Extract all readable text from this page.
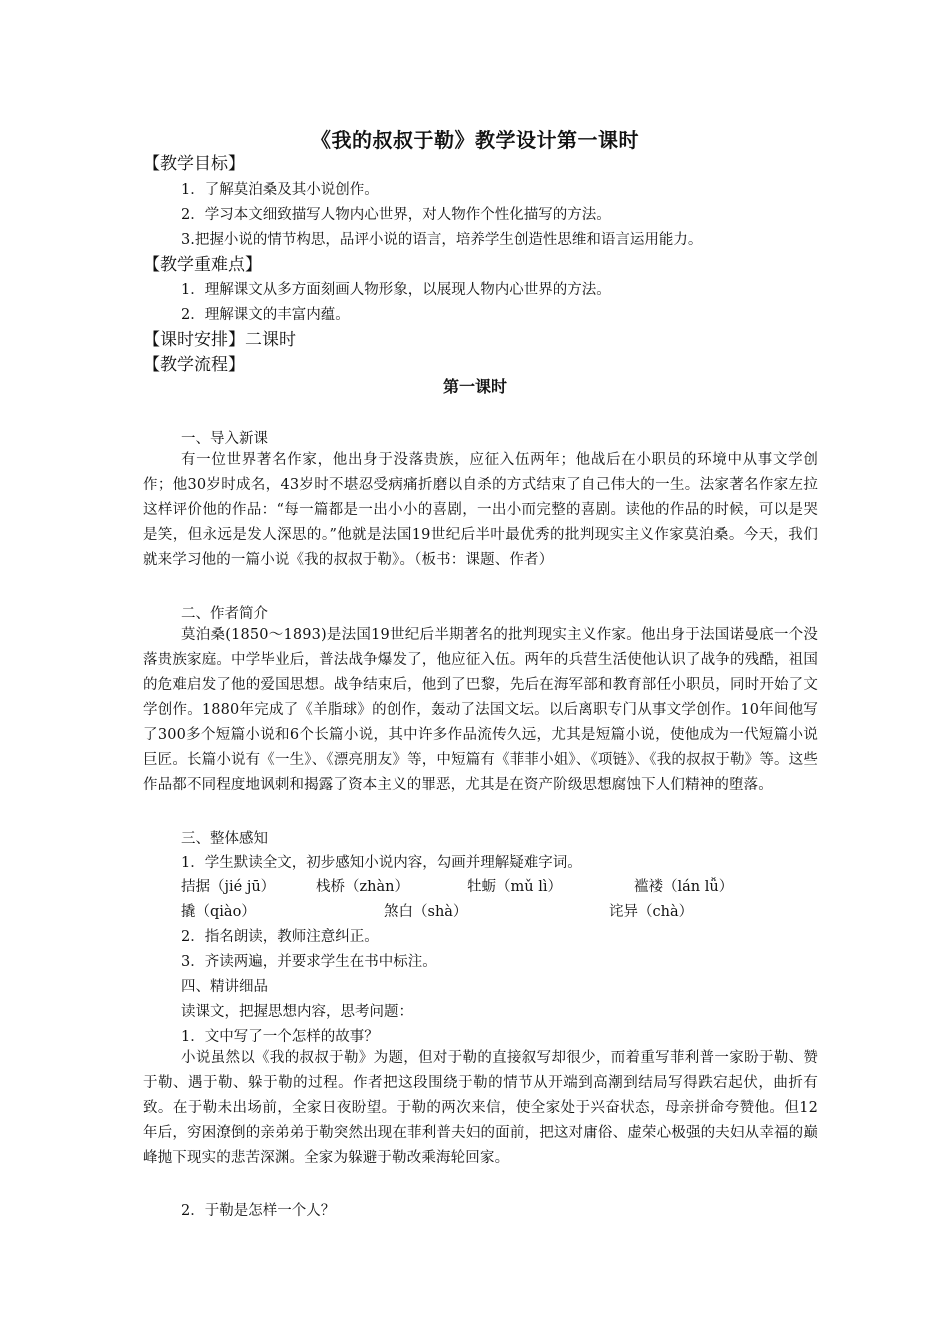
《我的叔叔于勒》教学设计第一课时
【教学目标】
1．了解莫泊桑及其小说创作。
2．学习本文细致描写人物内心世界，对人物作个性化描写的方法。
3.把握小说的情节构思，品评小说的语言，培养学生创造性思维和语言运用能力。
【教学重难点】
1．理解课文从多方面刻画人物形象，以展现人物内心世界的方法。
2．理解课文的丰富内蕴。
【课时安排】二课时
【教学流程】
第一课时
一、导入新课
有一位世界著名作家，他出身于没落贵族，应征入伍两年；他战后在小职员的环境中从事文学创作；他30岁时成名，43岁时不堪忍受病痛折磨以自杀的方式结束了自己伟大的一生。法家著名作家左拉这样评价他的作品：“每一篇都是一出小小的喜剧，一出小而完整的喜剧。读他的作品的时候，可以是哭是笑，但永远是发人深思的。”他就是法国19世纪后半叶最优秀的批判现实主义作家莫泊桑。今天，我们就来学习他的一篇小说《我的叔叔于勒》。（板书：课题、作者）
二、作者简介
莫泊桑(1850～1893)是法国19世纪后半期著名的批判现实主义作家。他出身于法国诺曼底一个没落贵族家庭。中学毕业后，普法战争爆发了，他应征入伍。两年的兵营生活使他认识了战争的残酷，祖国的危难启发了他的爱国思想。战争结束后，他到了巴黎，先后在海军部和教育部任小职员，同时开始了文学创作。1880年完成了《羊脂球》的创作，轰动了法国文坛。以后离职专门从事文学创作。10年间他写了300多个短篇小说和6个长篇小说，其中许多作品流传久远，尤其是短篇小说，使他成为一代短篇小说巨匠。长篇小说有《一生》、《漂亮朋友》等，中短篇有《菲菲小姐》、《项链》、《我的叔叔于勒》等。这些作品都不同程度地讽刺和揭露了资本主义的罪恶，尤其是在资产阶级思想腐蚀下人们精神的堕落。
三、整体感知
1．学生默读全文，初步感知小说内容，勾画并理解疑难字词。
拮据（jié jū）	栈桥（zhàn）	牡蛎（mǔ lì）	褴褛（lán lǚ）
撬（qiào）	煞白（shà）	诧异（chà）
2．指名朗读，教师注意纠正。
3．齐读两遍，并要求学生在书中标注。
四、精讲细品
读课文，把握思想内容，思考问题：
1．文中写了一个怎样的故事？
小说虽然以《我的叔叔于勒》为题，但对于勒的直接叙写却很少，而着重写菲利普一家盼于勒、赞于勒、遇于勒、躲于勒的过程。作者把这段围绕于勒的情节从开端到高潮到结局写得跌宕起伏，曲折有致。在于勒未出场前，全家日夜盼望。于勒的两次来信，使全家处于兴奋状态，母亲拼命夸赞他。但12年后，穷困潦倒的亲弟弟于勒突然出现在菲利普夫妇的面前，把这对庸俗、虚荣心极强的夫妇从幸福的巅峰抛下现实的悲苦深渊。全家为躲避于勒改乘海轮回家。
2．于勒是怎样一个人？
